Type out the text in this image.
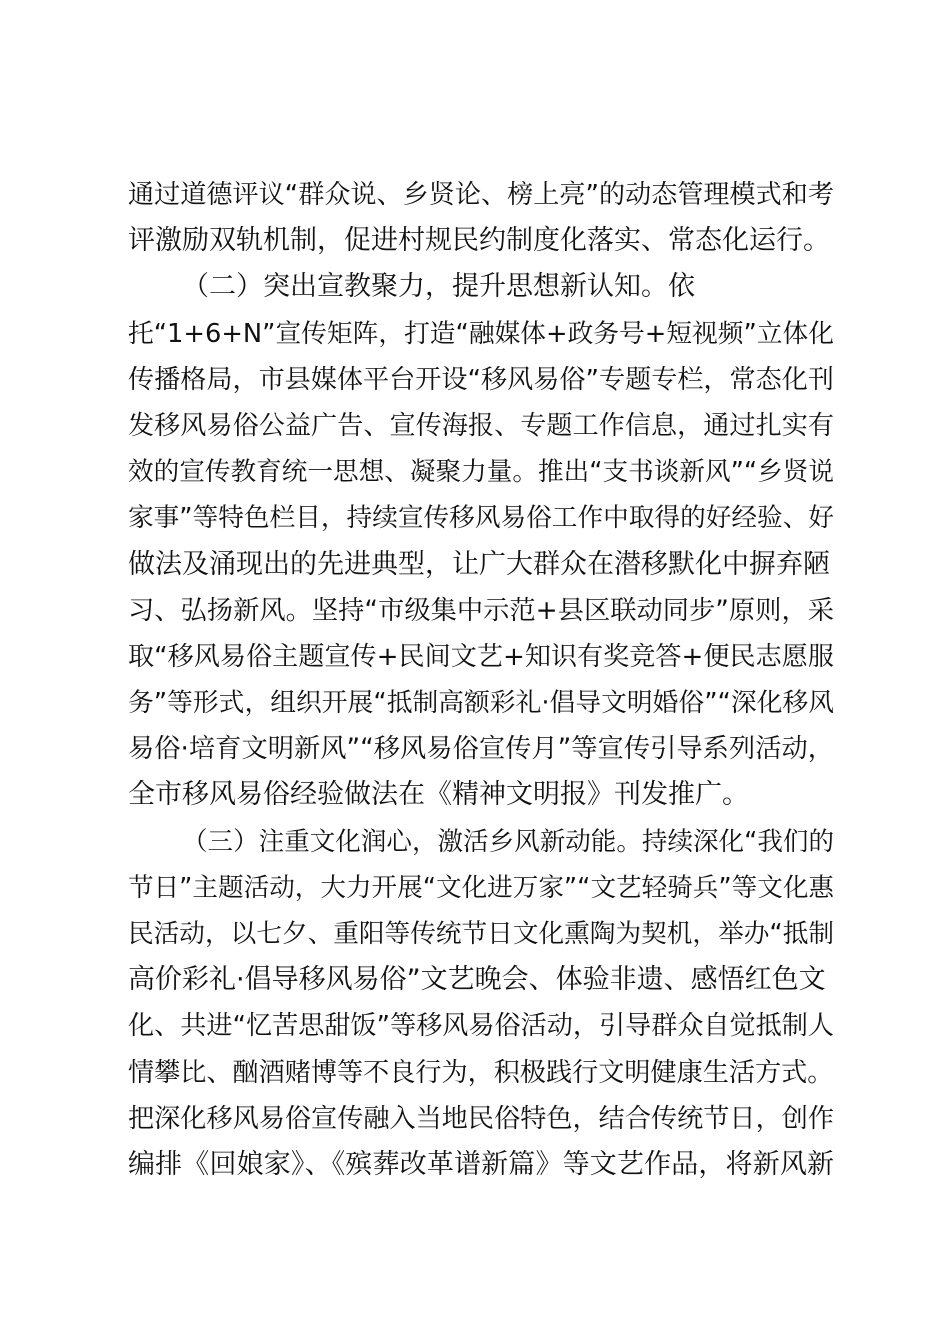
通过道德评议“群众说、乡贤论、榜上亮”的动态管理模式和考
评激励双轨机制，促进村规民约制度化落实、常态化运行。
（二）突出宣教聚力，提升思想新认知。依
托“1+6+N”宣传矩阵，打造“融媒体+政务号+短视频”立体化
传播格局，市县媒体平台开设“移风易俗”专题专栏，常态化刊
发移风易俗公益广告、宣传海报、专题工作信息，通过扎实有
效的宣传教育统一思想、凝聚力量。推出“支书谈新风”“乡贤说
家事”等特色栏目，持续宣传移风易俗工作中取得的好经验、好
做法及涌现出的先进典型，让广大群众在潜移默化中摒弃陋
习、弘扬新风。坚持“市级集中示范+县区联动同步”原则，采
取“移风易俗主题宣传+民间文艺+知识有奖竞答+便民志愿服
务”等形式，组织开展“抵制高额彩礼·倡导文明婚俗”“深化移风
易俗·培育文明新风”“移风易俗宣传月”等宣传引导系列活动，
全市移风易俗经验做法在《精神文明报》刊发推广。
（三）注重文化润心，激活乡风新动能。持续深化“我们的
节日”主题活动，大力开展“文化进万家”“文艺轻骑兵”等文化惠
民活动，以七夕、重阳等传统节日文化熏陶为契机，举办“抵制
高价彩礼·倡导移风易俗”文艺晚会、体验非遗、感悟红色文
化、共进“忆苦思甜饭”等移风易俗活动，引导群众自觉抵制人
情攀比、酗酒赌博等不良行为，积极践行文明健康生活方式。
把深化移风易俗宣传融入当地民俗特色，结合传统节日，创作
编排《回娘家》、《殡葬改革谱新篇》等文艺作品，将新风新
